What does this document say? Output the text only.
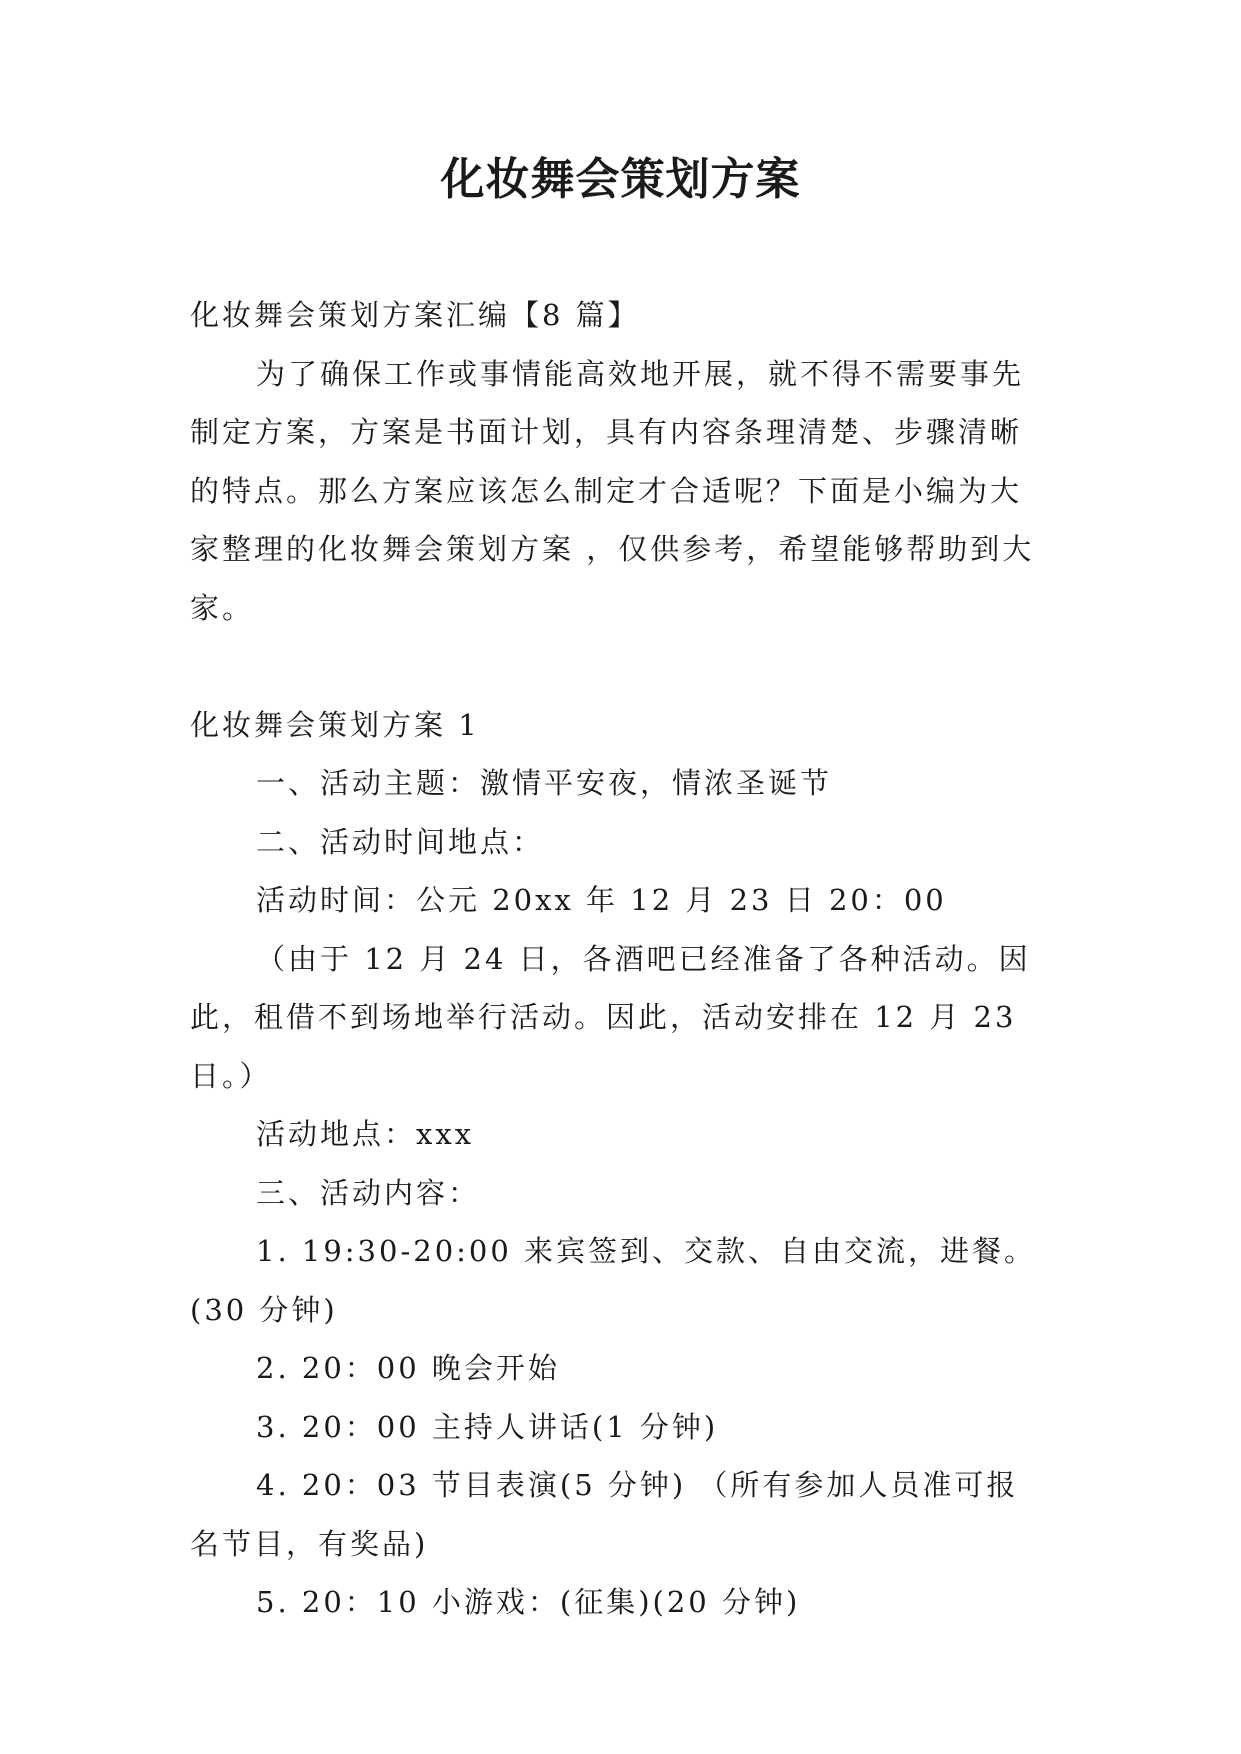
化妆舞会策划方案

化妆舞会策划方案汇编【8 篇】

为了确保工作或事情能高效地开展，就不得不需要事先制定方案，方案是书面计划，具有内容条理清楚、步骤清晰的特点。那么方案应该怎么制定才合适呢？下面是小编为大家整理的化妆舞会策划方案 ，仅供参考，希望能够帮助到大家。

化妆舞会策划方案 1

一、活动主题：激情平安夜，情浓圣诞节

二、活动时间地点：

活动时间：公元 20xx 年 12 月 23 日 20：00

（由于 12 月 24 日，各酒吧已经准备了各种活动。因此，租借不到场地举行活动。因此，活动安排在 12 月 23 日。）

活动地点：xxx

三、活动内容：

1. 19:30-20:00 来宾签到、交款、自由交流，进餐。(30 分钟)

2. 20：00 晚会开始

3. 20：00 主持人讲话(1 分钟)

4. 20：03 节目表演(5 分钟) （所有参加人员准可报名节目，有奖品)

5. 20：10 小游戏：(征集)(20 分钟)
